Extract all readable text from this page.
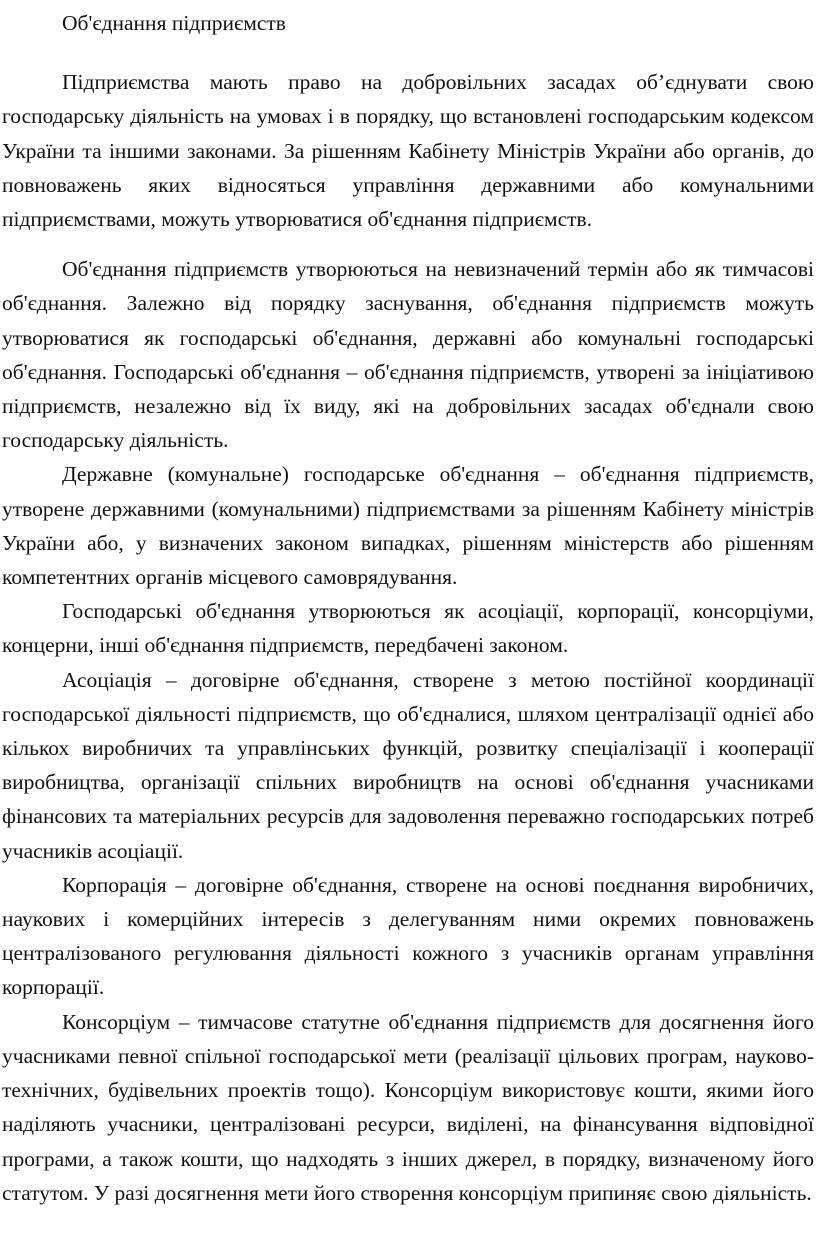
Об'єднання підприємств

Підприємства мають право на добровільних засадах об’єднувати свою господарську діяльність на умовах і в порядку, що встановлені господарським кодексом України та іншими законами. За рішенням Кабінету Міністрів України або органів, до повноважень яких відносяться управління державними або комунальними підприємствами, можуть утворюватися об'єднання підприємств.

Об'єднання підприємств утворюються на невизначений термін або як тимчасові об'єднання. Залежно від порядку заснування, об'єднання підприємств можуть утворюватися як господарські об'єднання, державні або комунальні господарські об'єднання. Господарські об'єднання – об'єднання підприємств, утворені за ініціативою підприємств, незалежно від їх виду, які на добровільних засадах об'єднали свою господарську діяльність.

Державне (комунальне) господарське об'єднання – об'єднання підприємств, утворене державними (комунальними) підприємствами за рішенням Кабінету міністрів України або, у визначених законом випадках, рішенням міністерств або рішенням компетентних органів місцевого самоврядування.

Господарські об'єднання утворюються як асоціації, корпорації, консорціуми, концерни, інші об'єднання підприємств, передбачені законом.

Асоціація – договірне об'єднання, створене з метою постійної координації господарської діяльності підприємств, що об'єдналися, шляхом централізації однієї або кількох виробничих та управлінських функцій, розвитку спеціалізації і кооперації виробництва, організації спільних виробництв на основі об'єднання учасниками фінансових та матеріальних ресурсів для задоволення переважно господарських потреб учасників асоціації.

Корпорація – договірне об'єднання, створене на основі поєднання виробничих, наукових і комерційних інтересів з делегуванням ними окремих повноважень централізованого регулювання діяльності кожного з учасників органам управління корпорації.

Консорціум – тимчасове статутне об'єднання підприємств для досягнення його учасниками певної спільної господарської мети (реалізації цільових програм, науково-технічних, будівельних проектів тощо). Консорціум використовує кошти, якими його наділяють учасники, централізовані ресурси, виділені, на фінансування відповідної програми, а також кошти, що надходять з інших джерел, в порядку, визначеному його статутом. У разі досягнення мети його створення консорціум припиняє свою діяльність.
